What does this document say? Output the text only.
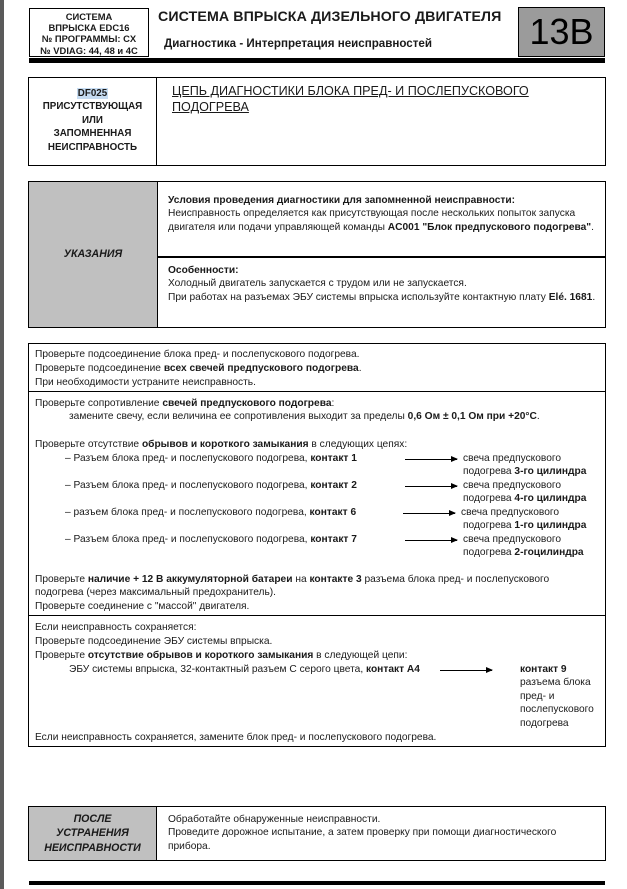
СИСТЕМА
ВПРЫСКА EDC16
№ ПРОГРАММЫ: CX
№ VDIAG: 44, 48 и 4C
СИСТЕМА ВПРЫСКА ДИЗЕЛЬНОГО ДВИГАТЕЛЯ
Диагностика - Интерпретация неисправностей	13B
DF025
ПРИСУТСТВУЮЩАЯ
ИЛИ
ЗАПОМНЕННАЯ
НЕИСПРАВНОСТЬ
ЦЕПЬ ДИАГНОСТИКИ БЛОКА ПРЕД- И ПОСЛЕПУСКОВОГО ПОДОГРЕВА
УКАЗАНИЯ
Условия проведения диагностики для запомненной неисправности:
Неисправность определяется как присутствующая после нескольких попыток запуска двигателя или подачи управляющей команды AC001 "Блок предпускового подогрева".
Особенности:
Холодный двигатель запускается с трудом или не запускается.
При работах на разъемах ЭБУ системы впрыска используйте контактную плату Elé. 1681.
Проверьте подсоединение блока пред- и послепускового подогрева.
Проверьте подсоединение всех свечей предпускового подогрева.
При необходимости устраните неисправность.
Проверьте сопротивление свечей предпускового подогрева:
замените свечу, если величина ее сопротивления выходит за пределы 0,6 Ом ± 0,1 Ом при +20°C.
Проверьте отсутствие обрывов и короткого замыкания в следующих цепях:
– Разъем блока пред- и послепускового подогрева, контакт 1	свеча предпускового
подогрева 3-го цилиндра
– Разъем блока пред- и послепускового подогрева, контакт 2	свеча предпускового
подогрева 4-го цилиндра
– разъем блока пред- и послепускового подогрева, контакт 6	свеча предпускового
подогрева 1-го цилиндра
– Разъем блока пред- и послепускового подогрева, контакт 7	свеча предпускового
подогрева 2-гоцилиндра
Проверьте наличие + 12 В аккумуляторной батареи на контакте 3 разъема блока пред- и послепускового
подогрева (через максимальный предохранитель).
Проверьте соединение с "массой" двигателя.
Если неисправность сохраняется:
Проверьте подсоединение ЭБУ системы впрыска.
Проверьте отсутствие обрывов и короткого замыкания в следующей цепи:
ЭБУ системы впрыска, 32-контактный разъем C серого цвета, контакт A4	контакт 9
разъема блока
пред- и
послепускового
подогрева
Если неисправность сохраняется, замените блок пред- и послепускового подогрева.
ПОСЛЕ
УСТРАНЕНИЯ
НЕИСПРАВНОСТИ
Обработайте обнаруженные неисправности.
Проведите дорожное испытание, а затем проверку при помощи диагностического прибора.
